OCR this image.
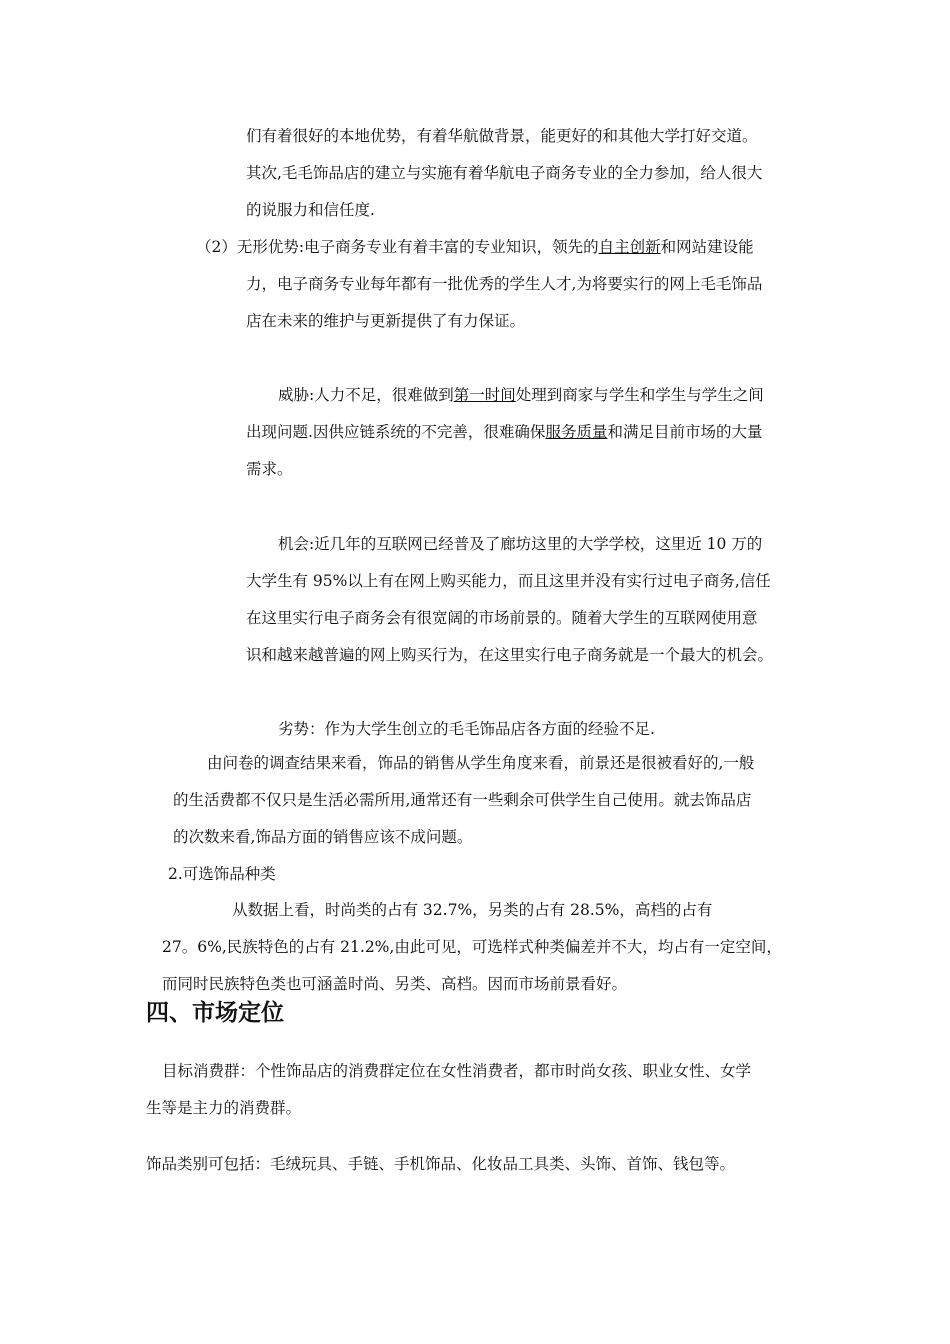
们有着很好的本地优势，有着华航做背景，能更好的和其他大学打好交道。
其次,毛毛饰品店的建立与实施有着华航电子商务专业的全力参加，给人很大
的说服力和信任度.
（2）无形优势:电子商务专业有着丰富的专业知识，领先的自主创新和网站建设能
力，电子商务专业每年都有一批优秀的学生人才,为将要实行的网上毛毛饰品
店在未来的维护与更新提供了有力保证。
威胁:人力不足，很难做到第一时间处理到商家与学生和学生与学生之间
出现问题.因供应链系统的不完善，很难确保服务质量和满足目前市场的大量
需求。
机会:近几年的互联网已经普及了廊坊这里的大学学校，这里近 10 万的
大学生有 95%以上有在网上购买能力，而且这里并没有实行过电子商务,信任
在这里实行电子商务会有很宽阔的市场前景的。随着大学生的互联网使用意
识和越来越普遍的网上购买行为，在这里实行电子商务就是一个最大的机会。
劣势：作为大学生创立的毛毛饰品店各方面的经验不足.
由问卷的调查结果来看，饰品的销售从学生角度来看，前景还是很被看好的,一般
的生活费都不仅只是生活必需所用,通常还有一些剩余可供学生自己使用。就去饰品店
的次数来看,饰品方面的销售应该不成问题。
2.可选饰品种类
从数据上看，时尚类的占有 32.7%，另类的占有 28.5%，高档的占有
27。6%,民族特色的占有 21.2%,由此可见，可选样式种类偏差并不大，均占有一定空间，
而同时民族特色类也可涵盖时尚、另类、高档。因而市场前景看好。
四、市场定位
目标消费群：个性饰品店的消费群定位在女性消费者，都市时尚女孩、职业女性、女学
生等是主力的消费群。
饰品类别可包括：毛绒玩具、手链、手机饰品、化妆品工具类、头饰、首饰、钱包等。
